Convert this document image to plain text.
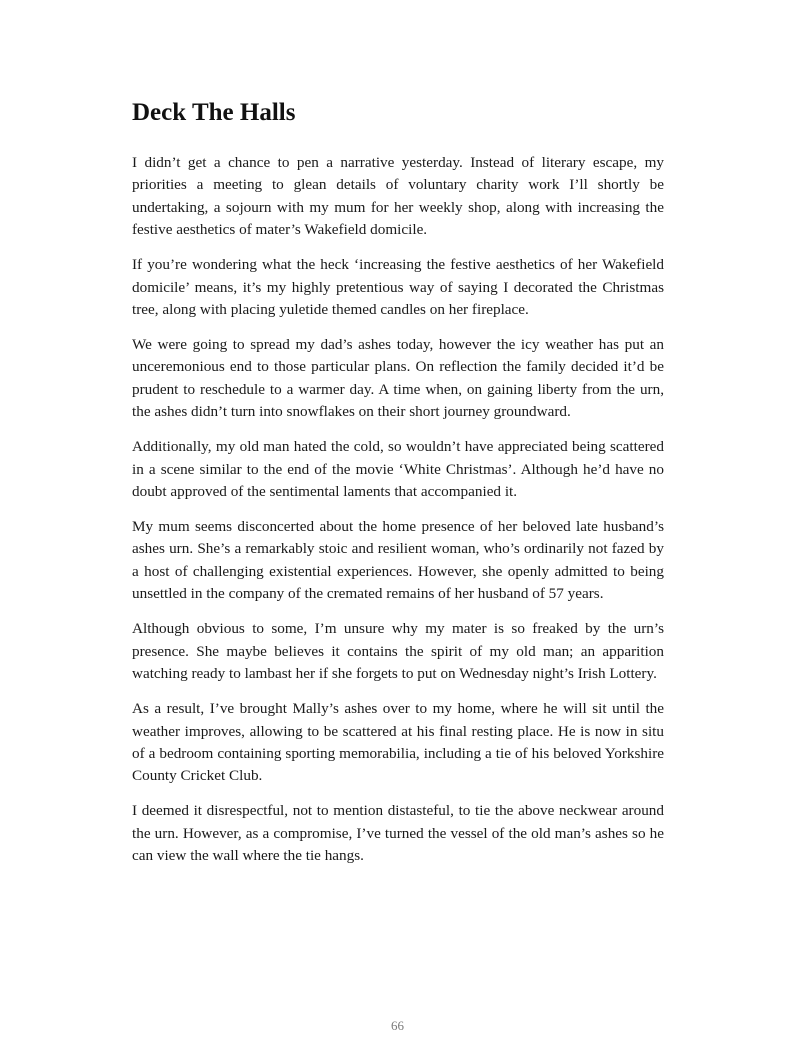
Deck The Halls

I didn’t get a chance to pen a narrative yesterday. Instead of literary escape, my priorities a meeting to glean details of voluntary charity work I’ll shortly be undertaking, a sojourn with my mum for her weekly shop, along with increasing the festive aesthetics of mater’s Wakefield domicile.

If you’re wondering what the heck ‘increasing the festive aesthetics of her Wakefield domicile’ means, it’s my highly pretentious way of saying I decorated the Christmas tree, along with placing yuletide themed candles on her fireplace.

We were going to spread my dad’s ashes today, however the icy weather has put an unceremonious end to those particular plans. On reflection the family decided it’d be prudent to reschedule to a warmer day. A time when, on gaining liberty from the urn, the ashes didn’t turn into snowflakes on their short journey groundward.

Additionally, my old man hated the cold, so wouldn’t have appreciated being scattered in a scene similar to the end of the movie ‘White Christmas’. Although he’d have no doubt approved of the sentimental laments that accompanied it.

My mum seems disconcerted about the home presence of her beloved late husband’s ashes urn. She’s a remarkably stoic and resilient woman, who’s ordinarily not fazed by a host of challenging existential experiences. However, she openly admitted to being unsettled in the company of the cremated remains of her husband of 57 years.

Although obvious to some, I’m unsure why my mater is so freaked by the urn’s presence. She maybe believes it contains the spirit of my old man; an apparition watching ready to lambast her if she forgets to put on Wednesday night’s Irish Lottery.

As a result, I’ve brought Mally’s ashes over to my home, where he will sit until the weather improves, allowing to be scattered at his final resting place. He is now in situ of a bedroom containing sporting memorabilia, including a tie of his beloved Yorkshire County Cricket Club.

I deemed it disrespectful, not to mention distasteful, to tie the above neckwear around the urn. However, as a compromise, I’ve turned the vessel of the old man’s ashes so he can view the wall where the tie hangs.

66
